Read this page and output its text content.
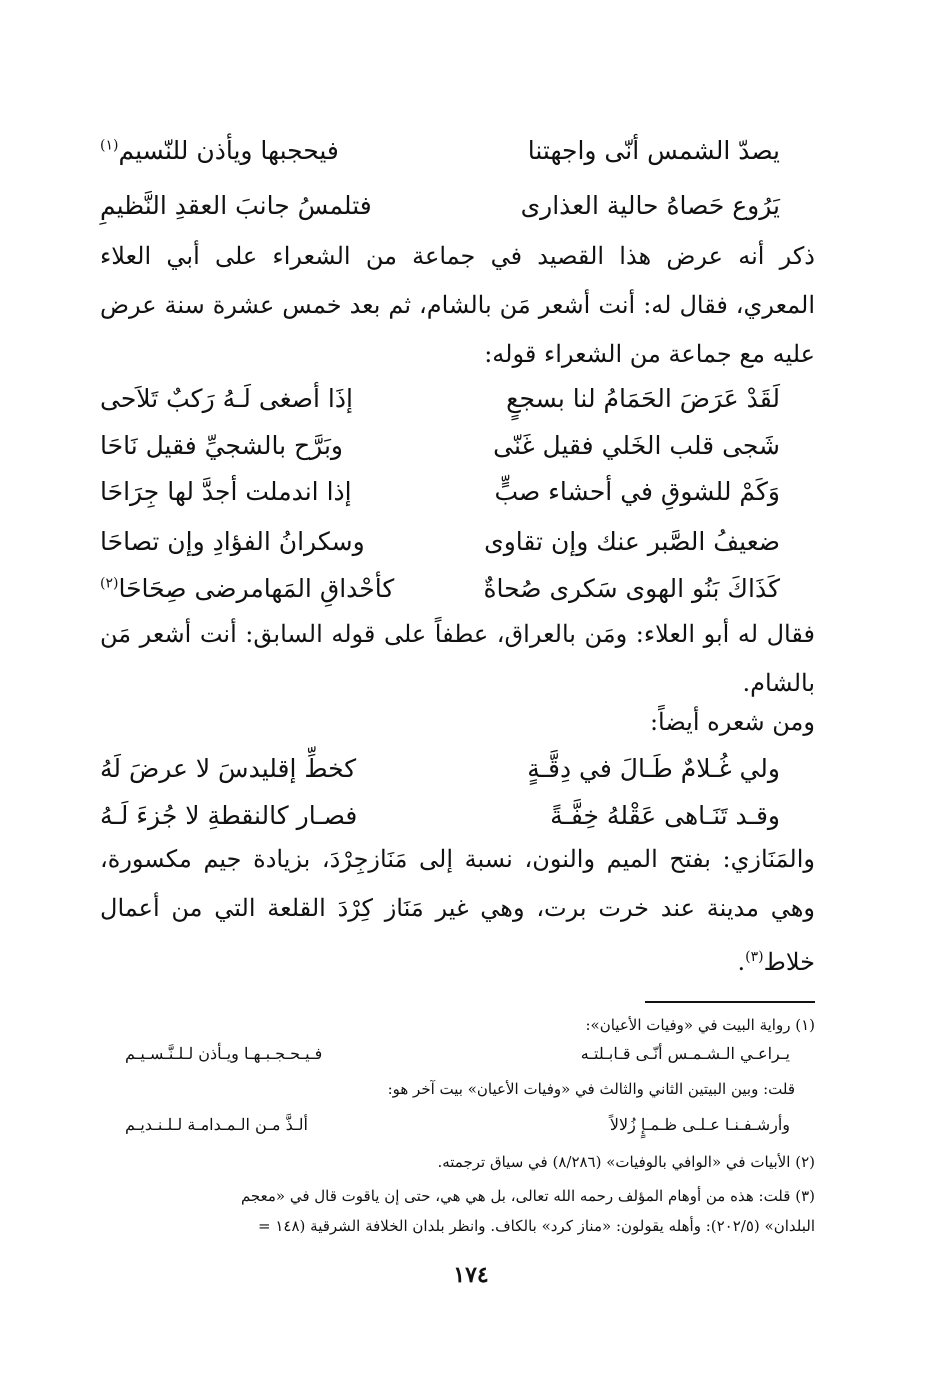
يصدّ الشمس أنّى واجهتنا
فيحجبها ويأذن للنّسيم$^{(١)}$
يَرُوع حَصاهُ حالية العذارى
فتلمسُ جانبَ العقدِ النَّظيمِ
ذكر أنه عرض هذا القصيد في جماعة من الشعراء على أبي العلاء المعري، فقال له: أنت أشعر مَن بالشام، ثم بعد خمس عشرة سنة عرض عليه مع جماعة من الشعراء قوله:
لَقَدْ عَرَضَ الحَمَامُ لنا بسجعٍ
إذَا أصغى لَـهُ رَكبٌ تَلاَحى
شَجى قلب الخَلي فقيل غَنّى
وبَرَّح بالشجيِّ فقيل نَاحَا
وَكَمْ للشوقِ في أحشاء صبٍّ
إذا اندملت أجدَّ لها جِرَاحَا
ضعيفُ الصَّبر عنك وإن تقاوى
وسكرانُ الفؤادِ وإن تصاحَا
كَذَاكَ بَنُو الهوى سَكرى صُحاةٌ
كأحْداقِ المَهامرضى صِحَاحَا$^{(٢)}$
فقال له أبو العلاء: ومَن بالعراق، عطفاً على قوله السابق: أنت أشعر مَن بالشام.
ومن شعره أيضاً:
ولي غُـلامٌ طَـالَ في دِقَّـةٍ
كخطِّ إقليدسَ لا عرضَ لَهُ
وقـد تَنَـاهى عَقْلهُ خِفَّـةً
فصـار كالنقطةِ لا جُزءَ لَـهُ
والمَنَازي: بفتح الميم والنون، نسبة إلى مَنَازجِرْدَ، بزيادة جيم مكسورة، وهي مدينة عند خرت برت، وهي غير مَنَاز كِرْدَ القلعة التي من أعمال خلاط$^{(٣)}$.
(١) رواية البيت في «وفيات الأعيان»:
يـراعـي الـشـمـس أنّـى قـابـلتـه
فـيـحـجـبـهـا ويـأذن لـلـنَّـسـيـم
قلت: وبين البيتين الثاني والثالث في «وفيات الأعيان» بيت آخر هو:
وأرشـفـنـا عـلـى ظـمـإٍ زُلالاً
ألـذَّ مـن الـمـدامـة لـلـنـديـم
(٢) الأبيات في «الوافي بالوفيات» (٨/٢٨٦) في سياق ترجمته.
(٣) قلت: هذه من أوهام المؤلف رحمه الله تعالى، بل هي هي، حتى إن ياقوت قال في «معجم
البلدان» (٢٠٢/٥): وأهله يقولون: «مناز كرد» بالكاف. وانظر بلدان الخلافة الشرقية (١٤٨ =
١٧٤
